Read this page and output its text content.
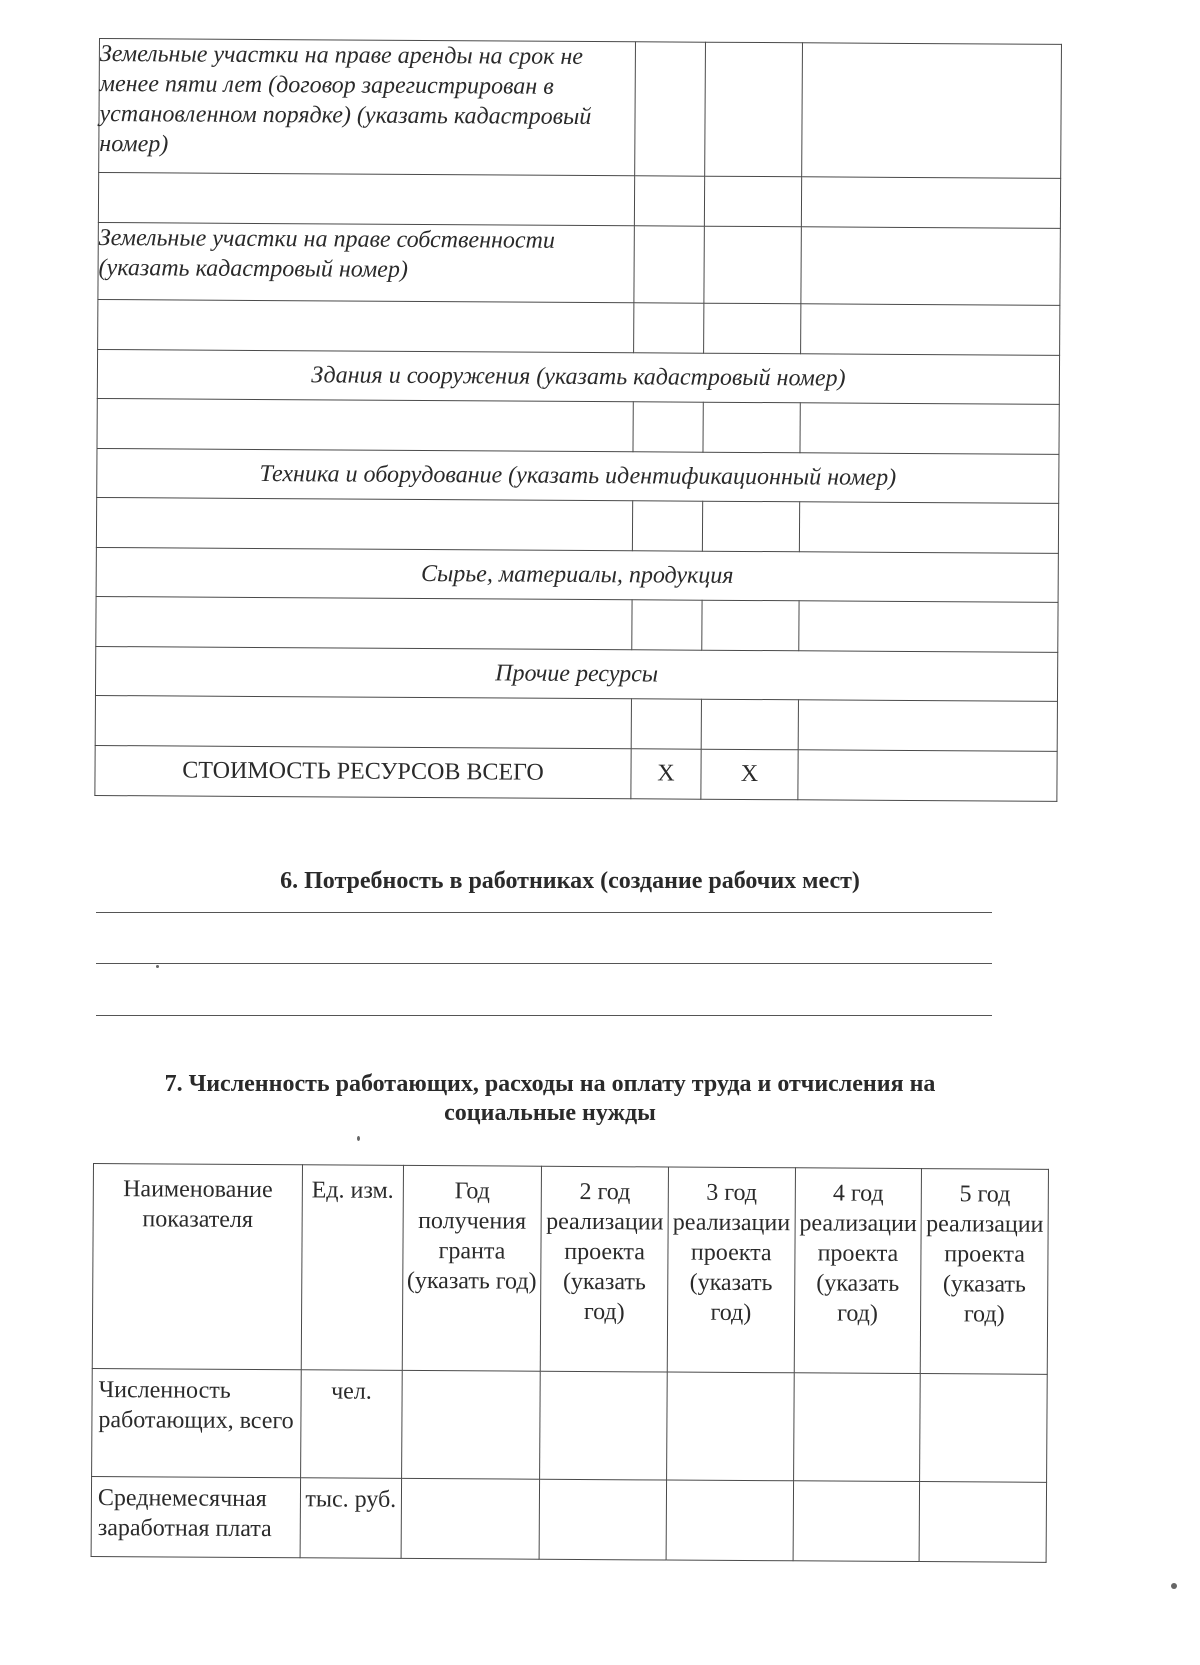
Земельные участки на праве аренды на срок не менее пяти лет (договор зарегистрирован в установленном порядке) (указать кадастровый номер)			

Земельные участки на праве собственности (указать кадастровый номер)			

Здания и сооружения (указать кадастровый номер)			

Техника и оборудование (указать идентификационный номер)			

Сырье, материалы, продукция			

Прочие ресурсы			

СТОИМОСТЬ РЕСУРСОВ ВСЕГО	X	X	
6. Потребность в работниках (создание рабочих мест)
7. Численность работающих, расходы на оплату труда и отчисления на
социальные нужды
Наименование показателя	Ед. изм.	Год получения гранта (указать год)	2 год реализации проекта (указать год)	3 год реализации проекта (указать год)	4 год реализации проекта (указать год)	5 год реализации проекта (указать год)
Численность работающих, всего	чел.					
Среднемесячная заработная плата	тыс. руб.					
